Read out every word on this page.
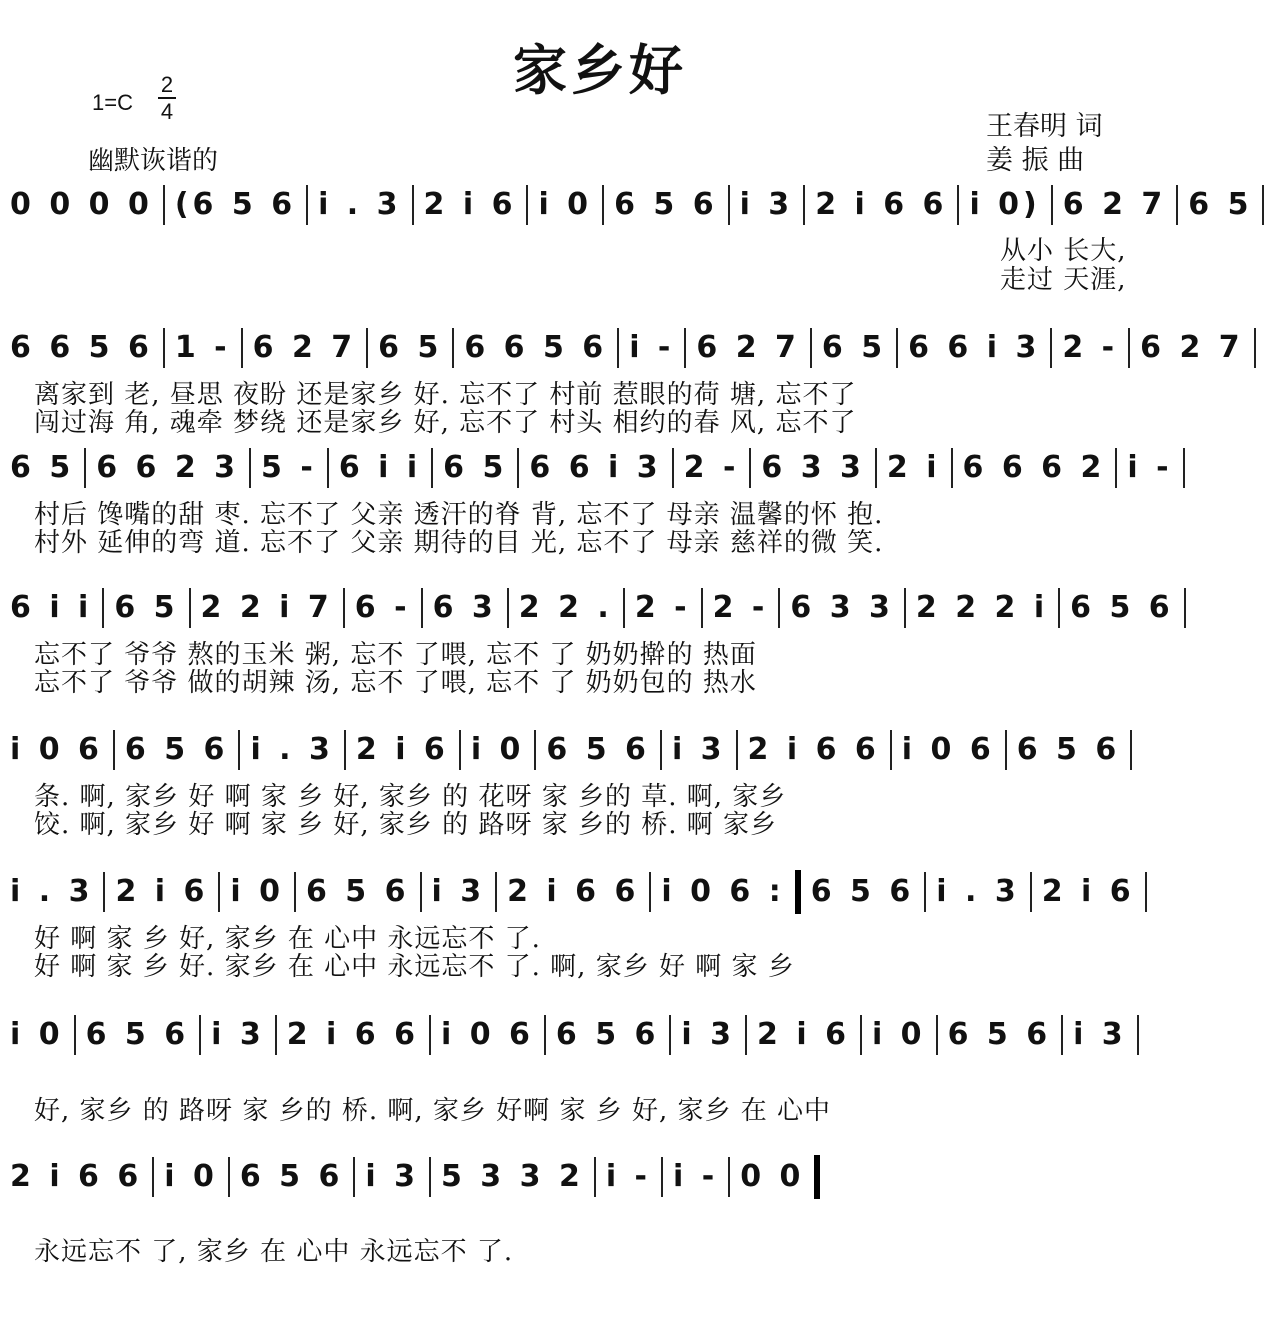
家乡好
1=C
2
4
幽默诙谐的
王春明 词
姜 振 曲
0 0 0 0 (6 5 6 i . 3 2 i 6 i 0 6 5 6 i 3 2 i 6 6 i 0) 6 2 7 6 5
6 6 5 6 1 - 6 2 7 6 5 6 6 5 6 i - 6 2 7 6 5 6 6 i 3 2 - 6 2 7
6 5 6 6 2 3 5 - 6 i i 6 5 6 6 i 3 2 - 6 3 3 2 i 6 6 6 2 i -
6 i i 6 5 2 2 i 7 6 - 6 3 2 2 . 2 - 2 - 6 3 3 2 2 2 i 6 5 6
i 0 6 6 5 6 i . 3 2 i 6 i 0 6 5 6 i 3 2 i 6 6 i 0 6 6 5 6
i . 3 2 i 6 i 0 6 5 6 i 3 2 i 6 6 i 0 6 : 6 5 6 i . 3 2 i 6
i 0 6 5 6 i 3 2 i 6 6 i 0 6 6 5 6 i 3 2 i 6 i 0 6 5 6 i 3
2 i 6 6 i 0 6 5 6 i 3 5 3 3 2 i - i - 0 0
从小 长大,
走过 天涯,
离家到 老, 昼思 夜盼 还是家乡 好. 忘不了 村前 惹眼的荷 塘, 忘不了
闯过海 角, 魂牵 梦绕 还是家乡 好, 忘不了 村头 相约的春 风, 忘不了
村后 馋嘴的甜 枣. 忘不了 父亲 透汗的脊 背, 忘不了 母亲 温馨的怀 抱.
村外 延伸的弯 道. 忘不了 父亲 期待的目 光, 忘不了 母亲 慈祥的微 笑.
忘不了 爷爷 熬的玉米 粥, 忘不 了喂, 忘不 了 奶奶擀的 热面
忘不了 爷爷 做的胡辣 汤, 忘不 了喂, 忘不 了 奶奶包的 热水
条. 啊, 家乡 好 啊 家 乡 好, 家乡 的 花呀 家 乡的 草. 啊, 家乡
饺. 啊, 家乡 好 啊 家 乡 好, 家乡 的 路呀 家 乡的 桥. 啊 家乡
好 啊 家 乡 好, 家乡 在 心中 永远忘不 了.
好 啊 家 乡 好. 家乡 在 心中 永远忘不 了. 啊, 家乡 好 啊 家 乡
好, 家乡 的 路呀 家 乡的 桥. 啊, 家乡 好啊 家 乡 好, 家乡 在 心中
永远忘不 了, 家乡 在 心中 永远忘不 了.
